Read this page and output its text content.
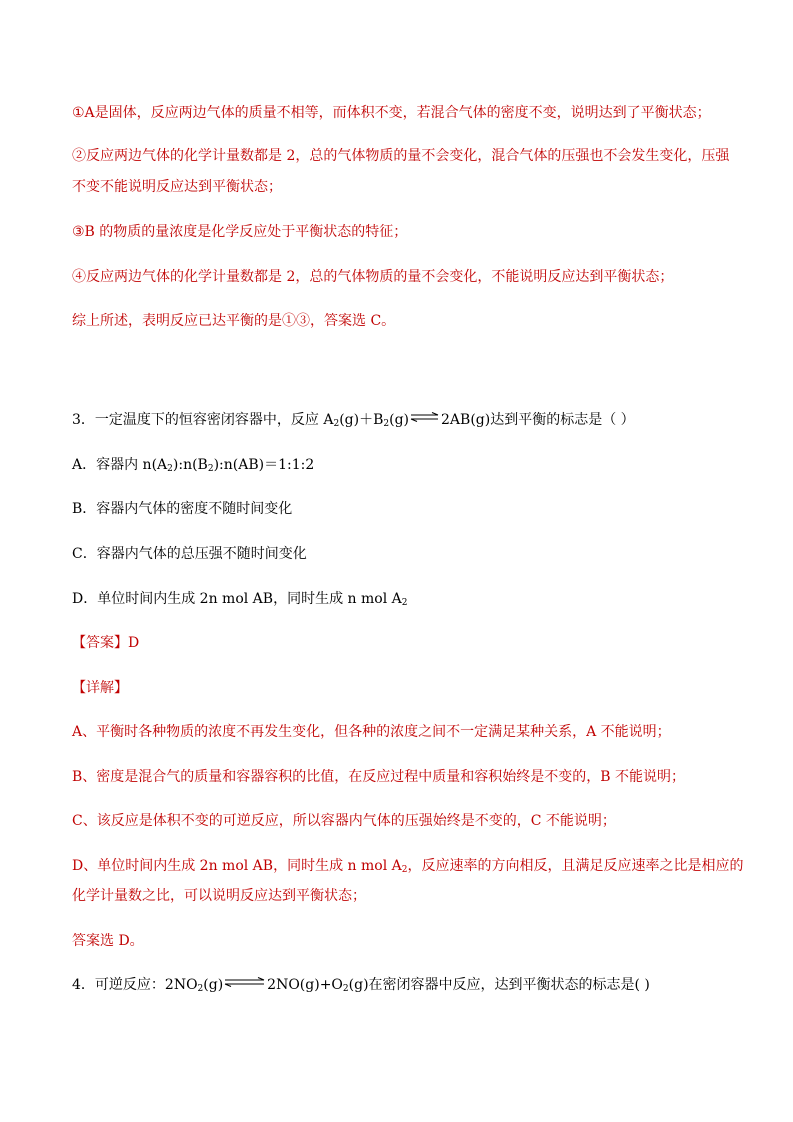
①A是固体，反应两边气体的质量不相等，而体积不变，若混合气体的密度不变，说明达到了平衡状态；
②反应两边气体的化学计量数都是 2，总的气体物质的量不会变化，混合气体的压强也不会发生变化，压强
不变不能说明反应达到平衡状态；
③B 的物质的量浓度是化学反应处于平衡状态的特征；
④反应两边气体的化学计量数都是 2，总的气体物质的量不会变化，不能说明反应达到平衡状态；
综上所述，表明反应已达平衡的是①③，答案选 C。
3．一定温度下的恒容密闭容器中，反应 $A_2(g)+B_2(g)\rightleftharpoons 2AB(g)$达到平衡的标志是（ ）
A．容器内 $n(A_2):n(B_2):n(AB)=1:1:2$
B．容器内气体的密度不随时间变化
C．容器内气体的总压强不随时间变化
D．单位时间内生成 2n mol AB，同时生成 n mol $A_2$
【答案】D
【详解】
A、平衡时各种物质的浓度不再发生变化，但各种的浓度之间不一定满足某种关系，A 不能说明；
B、密度是混合气的质量和容器容积的比值，在反应过程中质量和容积始终是不变的，B 不能说明；
C、该反应是体积不变的可逆反应，所以容器内气体的压强始终是不变的，C 不能说明；
D、单位时间内生成 2n mol AB，同时生成 n mol $A_2$，反应速率的方向相反，且满足反应速率之比是相应的
化学计量数之比，可以说明反应达到平衡状态；
答案选 D。
4．可逆反应：$2NO_2(g)\rightleftharpoons 2NO(g)+O_2(g)$在密闭容器中反应，达到平衡状态的标志是( )
